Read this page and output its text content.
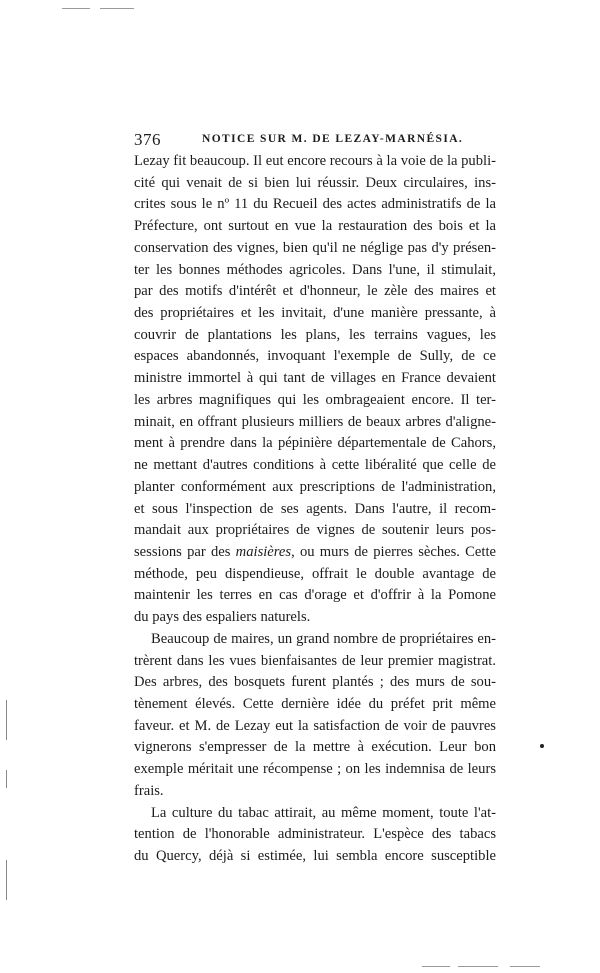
376	NOTICE SUR M. DE LEZAY-MARNÉSIA.
Lezay fit beaucoup. Il eut encore recours à la voie de la publi-
cité qui venait de si bien lui réussir. Deux circulaires, ins-
crites sous le nº 11 du Recueil des actes administratifs de la
Préfecture, ont surtout en vue la restauration des bois et la
conservation des vignes, bien qu'il ne néglige pas d'y présen-
ter les bonnes méthodes agricoles. Dans l'une, il stimulait,
par des motifs d'intérêt et d'honneur, le zèle des maires et
des propriétaires et les invitait, d'une manière pressante, à
couvrir de plantations les plans, les terrains vagues, les
espaces abandonnés, invoquant l'exemple de Sully, de ce
ministre immortel à qui tant de villages en France devaient
les arbres magnifiques qui les ombrageaient encore. Il ter-
minait, en offrant plusieurs milliers de beaux arbres d'aligne-
ment à prendre dans la pépinière départementale de Cahors,
ne mettant d'autres conditions à cette libéralité que celle de
planter conformément aux prescriptions de l'administration,
et sous l'inspection de ses agents. Dans l'autre, il recom-
mandait aux propriétaires de vignes de soutenir leurs pos-
sessions par des maisières, ou murs de pierres sèches. Cette
méthode, peu dispendieuse, offrait le double avantage de
maintenir les terres en cas d'orage et d'offrir à la Pomone
du pays des espaliers naturels.
Beaucoup de maires, un grand nombre de propriétaires en-
trèrent dans les vues bienfaisantes de leur premier magistrat.
Des arbres, des bosquets furent plantés ; des murs de sou-
tènement élevés. Cette dernière idée du préfet prit même
faveur. et M. de Lezay eut la satisfaction de voir de pauvres
vignerons s'empresser de la mettre à exécution. Leur bon
exemple méritait une récompense ; on les indemnisa de leurs
frais.
La culture du tabac attirait, au même moment, toute l'at-
tention de l'honorable administrateur. L'espèce des tabacs
du Quercy, déjà si estimée, lui sembla encore susceptible
